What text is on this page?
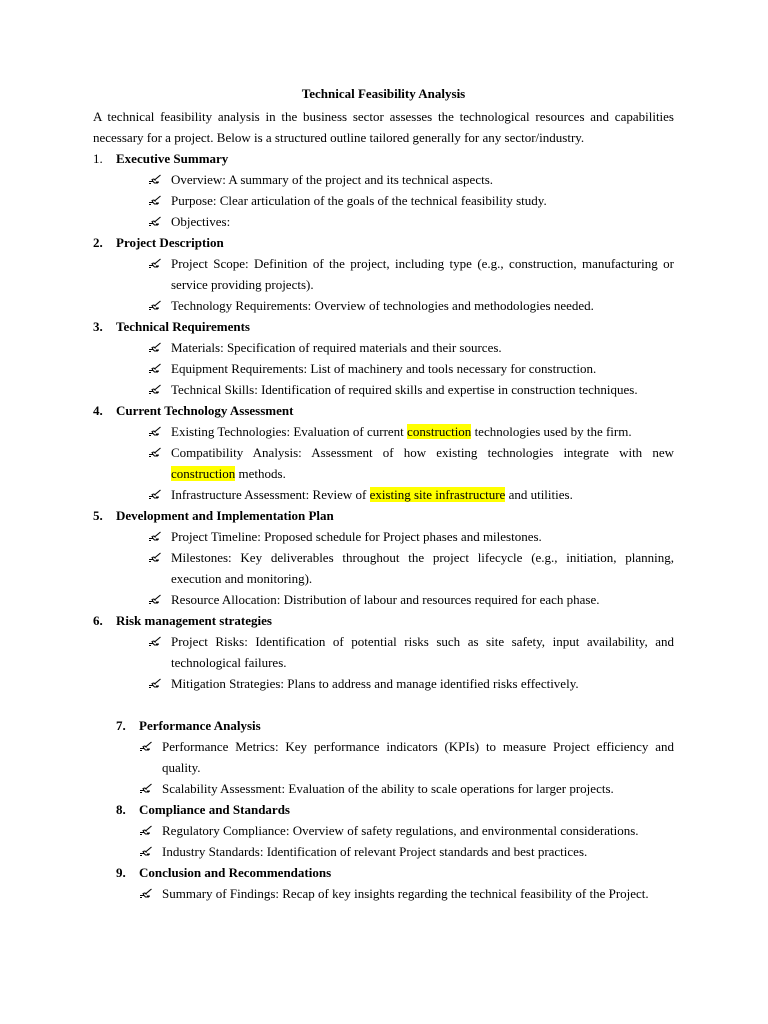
Technical Feasibility Analysis

A technical feasibility analysis in the business sector assesses the technological resources and capabilities necessary for a project. Below is a structured outline tailored generally for any sector/industry.

1. Executive Summary
Overview: A summary of the project and its technical aspects.
Purpose: Clear articulation of the goals of the technical feasibility study.
Objectives:
2. Project Description
Project Scope: Definition of the project, including type (e.g., construction, manufacturing or service providing projects).
Technology Requirements: Overview of technologies and methodologies needed.
3. Technical Requirements
Materials: Specification of required materials and their sources.
Equipment Requirements: List of machinery and tools necessary for construction.
Technical Skills: Identification of required skills and expertise in construction techniques.
4. Current Technology Assessment
Existing Technologies: Evaluation of current construction technologies used by the firm.
Compatibility Analysis: Assessment of how existing technologies integrate with new construction methods.
Infrastructure Assessment: Review of existing site infrastructure and utilities.
5. Development and Implementation Plan
Project Timeline: Proposed schedule for Project phases and milestones.
Milestones: Key deliverables throughout the project lifecycle (e.g., initiation, planning, execution and monitoring).
Resource Allocation: Distribution of labour and resources required for each phase.
6. Risk management strategies
Project Risks: Identification of potential risks such as site safety, input availability, and technological failures.
Mitigation Strategies: Plans to address and manage identified risks effectively.
7. Performance Analysis
Performance Metrics: Key performance indicators (KPIs) to measure Project efficiency and quality.
Scalability Assessment: Evaluation of the ability to scale operations for larger projects.
8. Compliance and Standards
Regulatory Compliance: Overview of safety regulations, and environmental considerations.
Industry Standards: Identification of relevant Project standards and best practices.
9. Conclusion and Recommendations
Summary of Findings: Recap of key insights regarding the technical feasibility of the Project.
